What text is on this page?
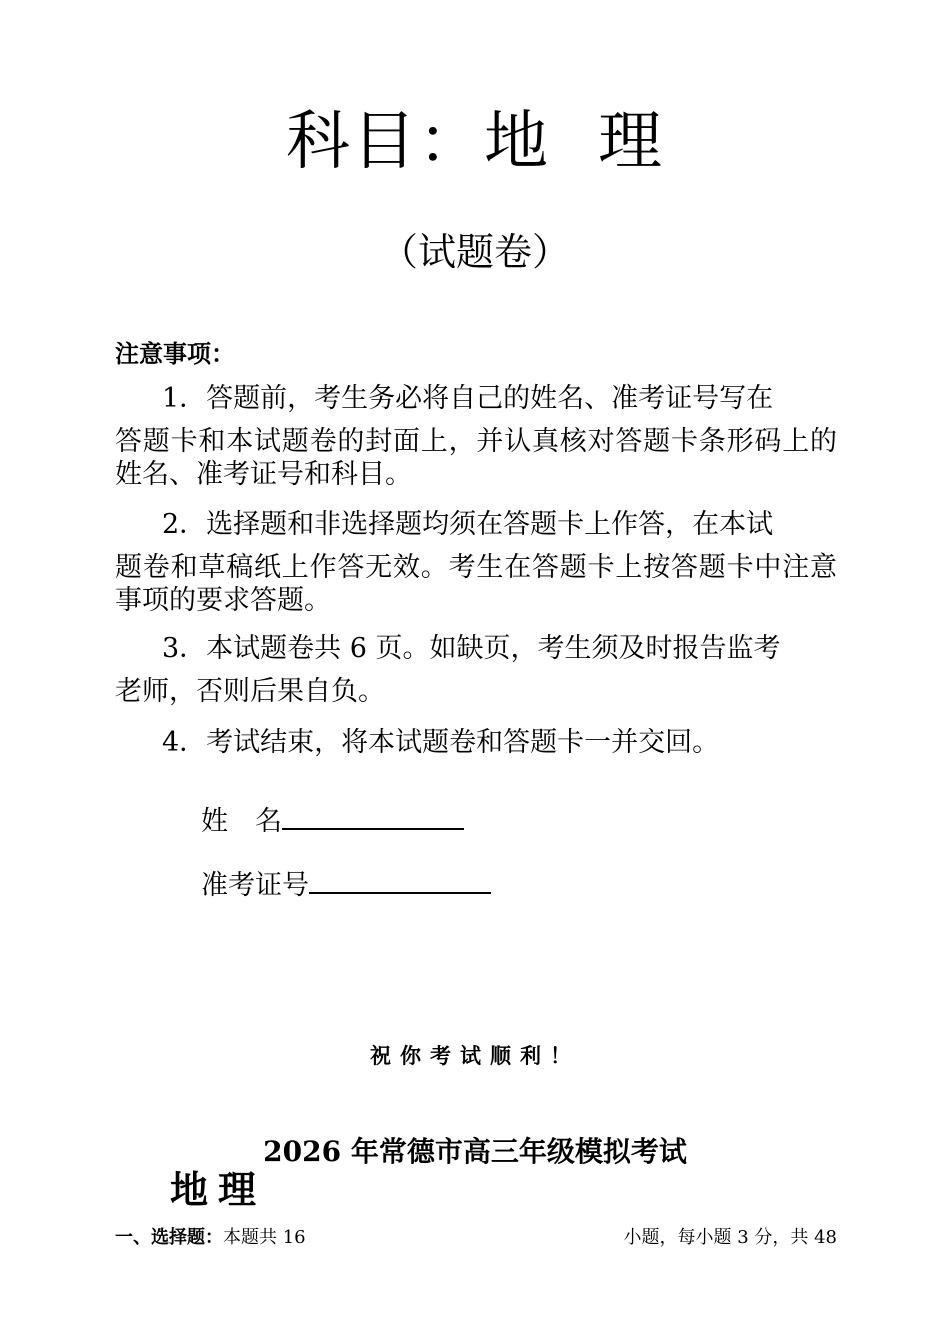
科目：地 理
（试题卷）
注意事项：
1．答题前，考生务必将自己的姓名、准考证号写在
答题卡和本试题卷的封面上，并认真核对答题卡条形码上的姓名、准考证号和科目。
2．选择题和非选择题均须在答题卡上作答，在本试
题卷和草稿纸上作答无效。考生在答题卡上按答题卡中注意事项的要求答题。
3．本试题卷共 6 页。如缺页，考生须及时报告监考
老师，否则后果自负。
4．考试结束，将本试题卷和答题卡一并交回。
姓　名
准考证号
祝你考试顺利！
2026 年常德市高三年级模拟考试
地理
一、选择题：本题共 16	小题，每小题 3 分，共 48
